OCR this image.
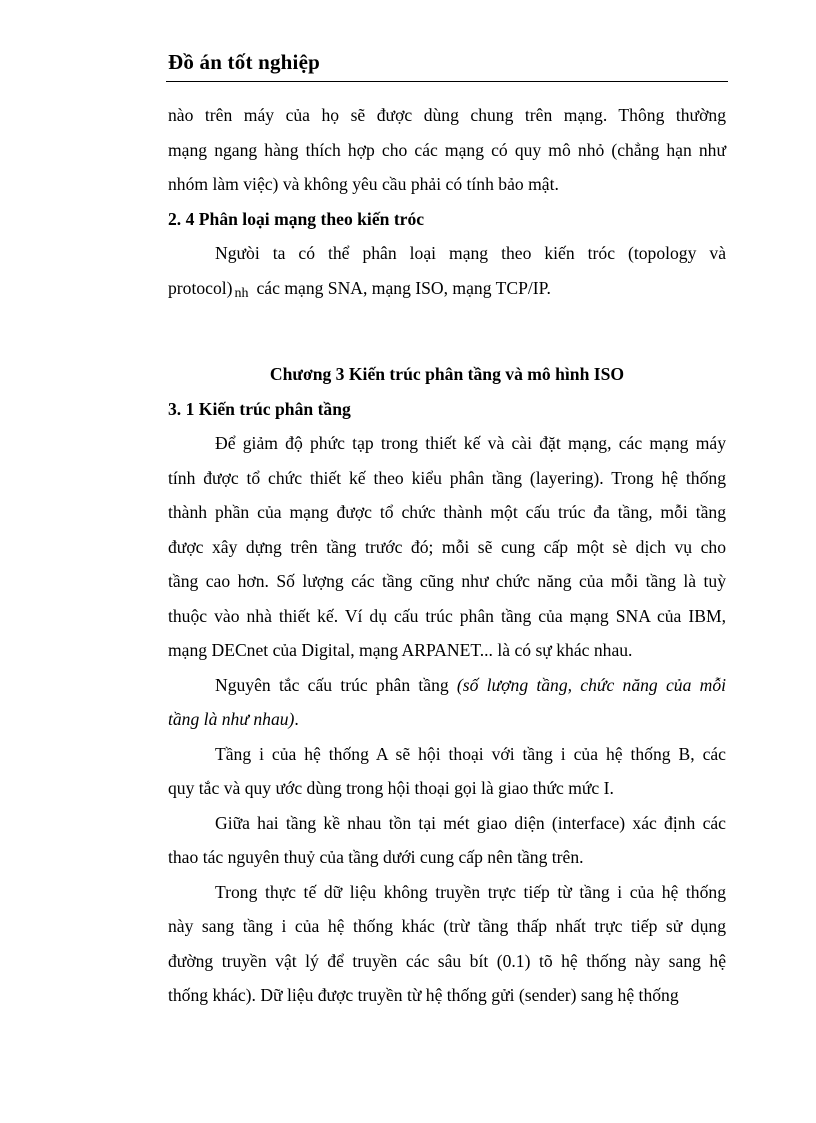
Đồ án tốt nghiệp
nào trên máy của họ sẽ được dùng chung trên mạng. Thông thường
mạng ngang hàng thích hợp cho các mạng có quy mô nhỏ (chẳng hạn như
nhóm làm việc) và không yêu cầu phải có tính bảo mật.
2. 4 Phân loại mạng theo kiến tróc
Ngưòi ta có thể phân loại mạng theo kiến tróc (topology và
protocol) nh các mạng SNA, mạng ISO, mạng TCP/IP.
Chương 3 Kiến trúc phân tầng và mô hình ISO
3. 1 Kiến trúc phân tầng
Để giảm độ phức tạp trong thiết kế và cài đặt mạng, các mạng máy
tính được tổ chức thiết kế theo kiểu phân tầng (layering). Trong hệ thống
thành phần của mạng được tổ chức thành một cấu trúc đa tầng, mỗi tầng
được xây dựng trên tầng trước đó; mỗi sẽ cung cấp một sè dịch vụ cho
tầng cao hơn. Số lượng các tầng cũng như chức năng của mỗi tầng là tuỳ
thuộc vào nhà thiết kế. Ví dụ cấu trúc phân tầng của mạng SNA của IBM,
mạng DECnet của Digital, mạng ARPANET... là có sự khác nhau.
Nguyên tắc cấu trúc phân tầng (số lượng tầng, chức năng của mỗi
tầng là như nhau).
Tầng i của hệ thống A sẽ hội thoại với tầng i của hệ thống B, các
quy tắc và quy ước dùng trong hội thoại gọi là giao thức mức I.
Giữa hai tầng kề nhau tồn tại mét giao diện (interface) xác định các
thao tác nguyên thuỷ của tầng dưới cung cấp nên tầng trên.
Trong thực tế dữ liệu không truyền trực tiếp từ tầng i của hệ thống
này sang tầng i của hệ thống khác (trừ tầng thấp nhất trực tiếp sử dụng
đường truyền vật lý để truyền các sâu bít (0.1) tõ hệ thống này sang hệ
thống khác). Dữ liệu được truyền từ hệ thống gửi (sender) sang hệ thống
